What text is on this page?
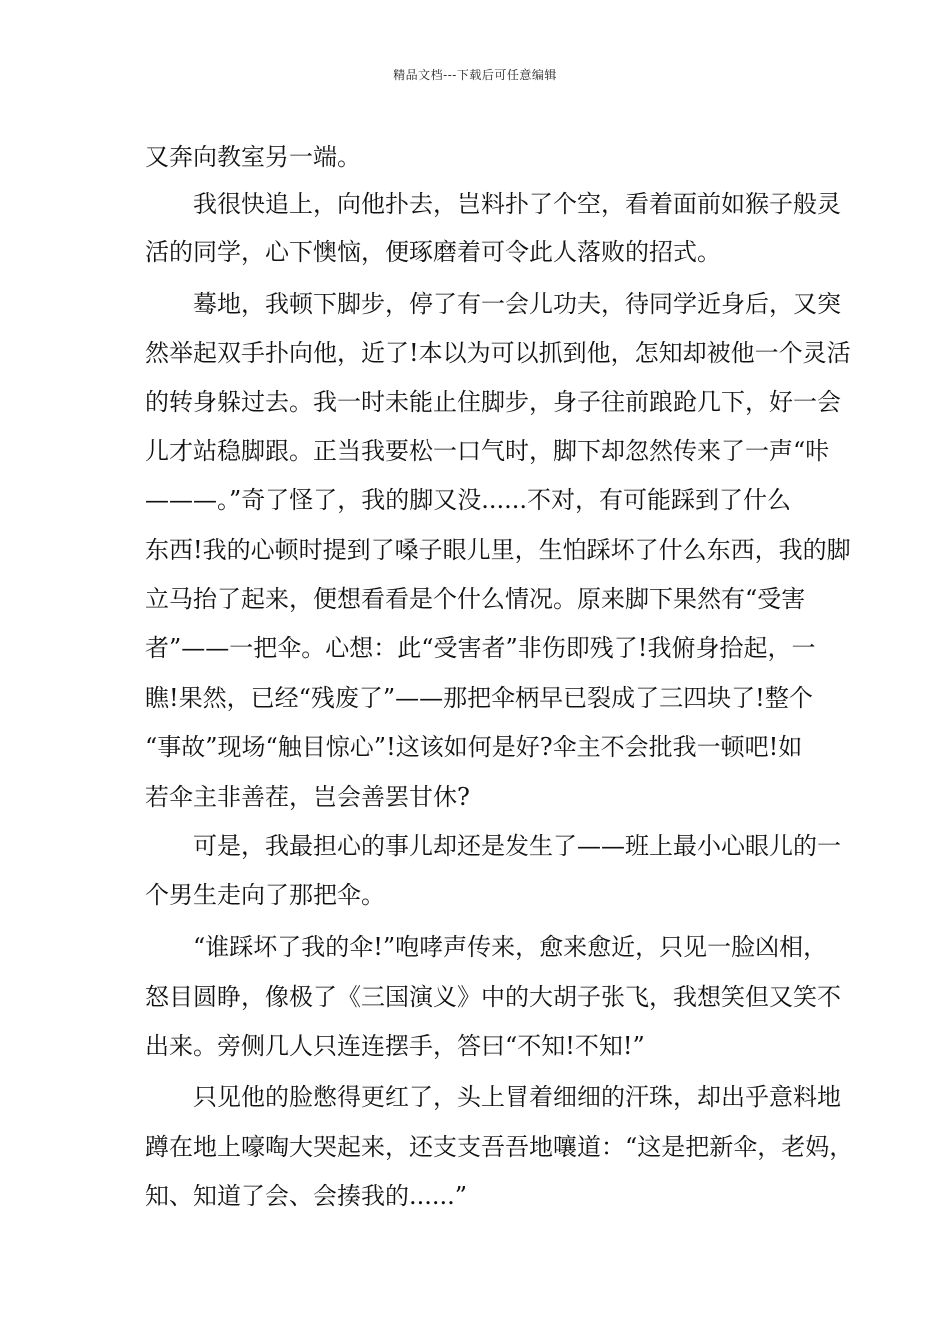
精品文档---下载后可任意编辑
又奔向教室另一端。
我很快追上，向他扑去，岂料扑了个空，看着面前如猴子般灵
活的同学，心下懊恼，便琢磨着可令此人落败的招式。
蓦地，我顿下脚步，停了有一会儿功夫，待同学近身后，又突
然举起双手扑向他，近了!本以为可以抓到他，怎知却被他一个灵活
的转身躲过去。我一时未能止住脚步，身子往前踉跄几下，好一会
儿才站稳脚跟。正当我要松一口气时，脚下却忽然传来了一声“咔
———。”奇了怪了，我的脚又没......不对，有可能踩到了什么
东西!我的心顿时提到了嗓子眼儿里，生怕踩坏了什么东西，我的脚
立马抬了起来，便想看看是个什么情况。原来脚下果然有“受害
者”——一把伞。心想：此“受害者”非伤即残了!我俯身拾起，一
瞧!果然，已经“残废了”——那把伞柄早已裂成了三四块了!整个
“事故”现场“触目惊心”!这该如何是好?伞主不会批我一顿吧!如
若伞主非善茬，岂会善罢甘休?
可是，我最担心的事儿却还是发生了——班上最小心眼儿的一
个男生走向了那把伞。
“谁踩坏了我的伞!”咆哮声传来，愈来愈近，只见一脸凶相，
怒目圆睁，像极了《三国演义》中的大胡子张飞，我想笑但又笑不
出来。旁侧几人只连连摆手，答曰“不知!不知!”
只见他的脸憋得更红了，头上冒着细细的汗珠，却出乎意料地
蹲在地上嚎啕大哭起来，还支支吾吾地嚷道：“这是把新伞，老妈，
知、知道了会、会揍我的......”
